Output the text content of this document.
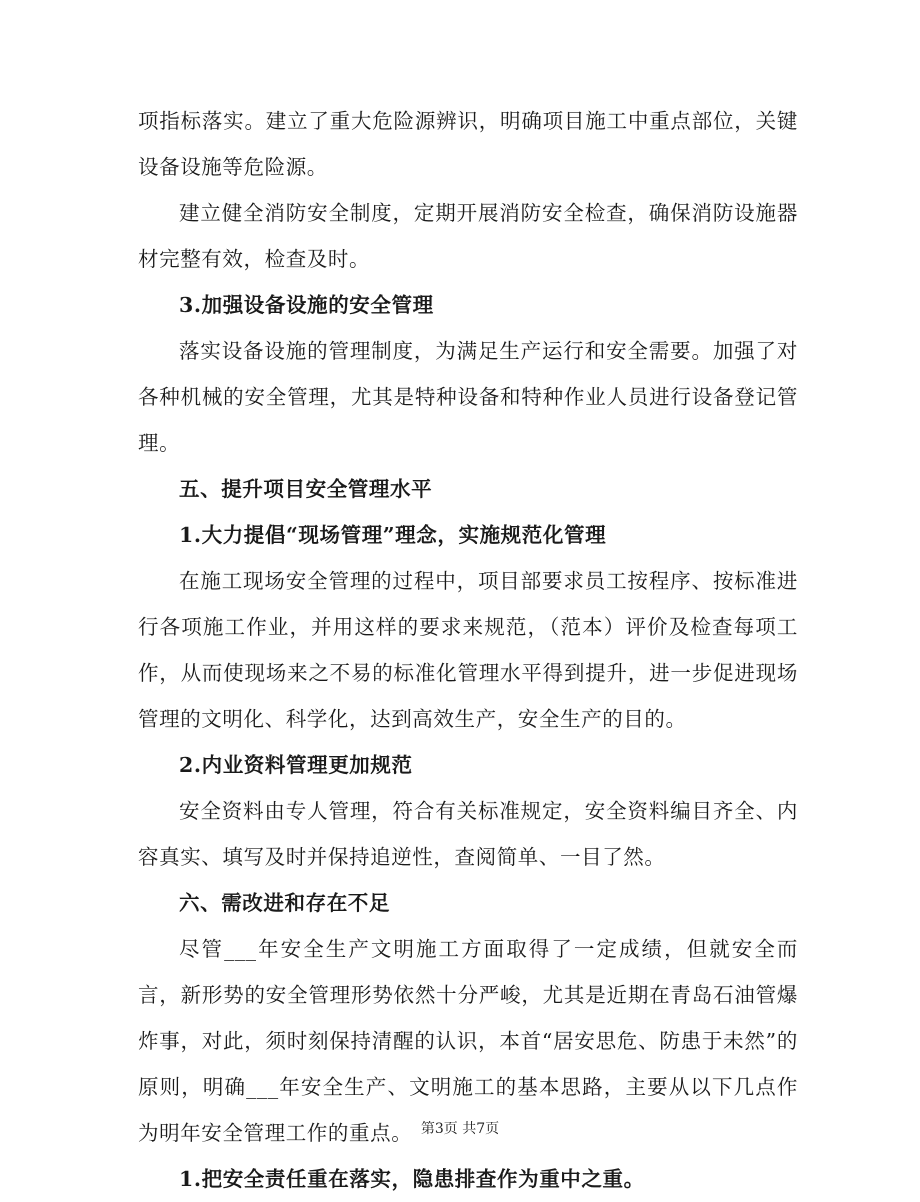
项指标落实。建立了重大危险源辨识，明确项目施工中重点部位，关键设备设施等危险源。

建立健全消防安全制度，定期开展消防安全检查，确保消防设施器材完整有效，检查及时。

3.加强设备设施的安全管理

落实设备设施的管理制度，为满足生产运行和安全需要。加强了对各种机械的安全管理，尤其是特种设备和特种作业人员进行设备登记管理。

五、提升项目安全管理水平

1.大力提倡“现场管理”理念，实施规范化管理

在施工现场安全管理的过程中，项目部要求员工按程序、按标准进行各项施工作业，并用这样的要求来规范，（范本）评价及检查每项工作，从而使现场来之不易的标准化管理水平得到提升，进一步促进现场管理的文明化、科学化，达到高效生产，安全生产的目的。

2.内业资料管理更加规范

安全资料由专人管理，符合有关标准规定，安全资料编目齐全、内容真实、填写及时并保持追逆性，查阅简单、一目了然。

六、需改进和存在不足

尽管___年安全生产文明施工方面取得了一定成绩，但就安全而言，新形势的安全管理形势依然十分严峻，尤其是近期在青岛石油管爆炸事，对此，须时刻保持清醒的认识，本首“居安思危、防患于未然”的原则，明确___年安全生产、文明施工的基本思路，主要从以下几点作为明年安全管理工作的重点。

1.把安全责任重在落实，隐患排查作为重中之重。

第3页 共7页
